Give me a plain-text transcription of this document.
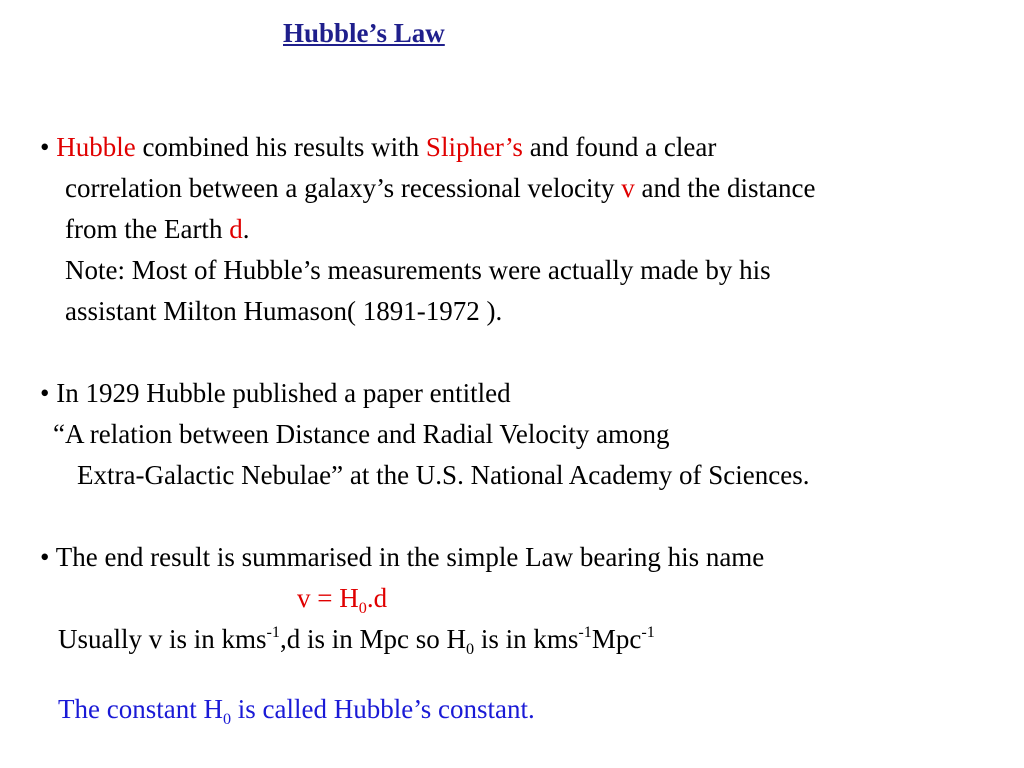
Hubble’s Law
• Hubble combined his results with Slipher’s and found a clear
correlation between a galaxy’s recessional velocity v and the distance
from the Earth d.
Note: Most of Hubble’s measurements were actually made by his
assistant Milton Humason( 1891-1972 ).
• In 1929 Hubble published a paper entitled
“A relation between Distance and Radial Velocity among
Extra-Galactic Nebulae” at the U.S. National Academy of Sciences.
• The end result is summarised in the simple Law bearing his name
$v = H_0.d$
Usually v is in kms$^{-1}$,d is in Mpc so $H_0$ is in kms$^{-1}$Mpc$^{-1}$
The constant $H_0$ is called Hubble’s constant.
